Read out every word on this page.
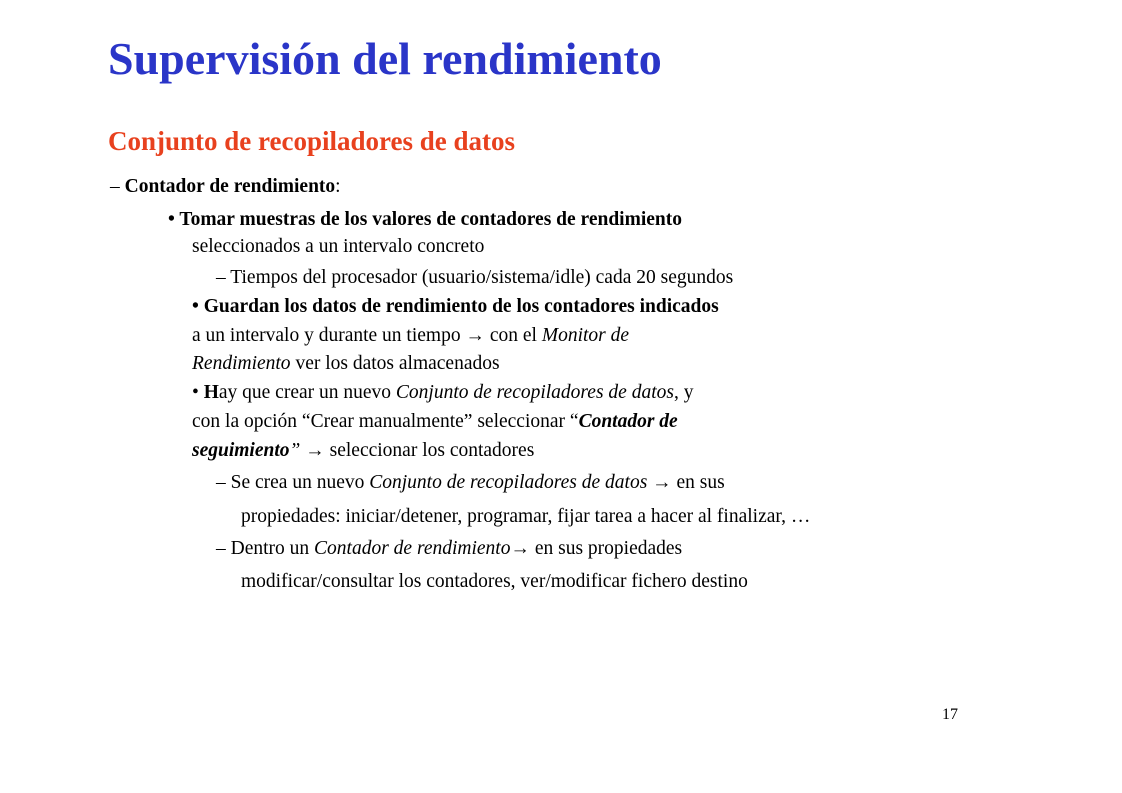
Supervisión del rendimiento
Conjunto de recopiladores de datos

– Contador de rendimiento:

• Tomar muestras de los valores de contadores de rendimiento

seleccionados a un intervalo concreto

– Tiempos del procesador (usuario/sistema/idle) cada 20 segundos

• Guardan los datos de rendimiento de los contadores indicados

a un intervalo y durante un tiempo → con el Monitor de

Rendimiento ver los datos almacenados

• Hay que crear un nuevo Conjunto de recopiladores de datos, y

con la opción “Crear manualmente” seleccionar “Contador de

seguimiento” → seleccionar los contadores

– Se crea un nuevo Conjunto de recopiladores de datos → en sus

propiedades: iniciar/detener, programar, fijar tarea a hacer al finalizar, …

– Dentro un Contador de rendimiento→ en sus propiedades

modificar/consultar los contadores, ver/modificar fichero destino

17
